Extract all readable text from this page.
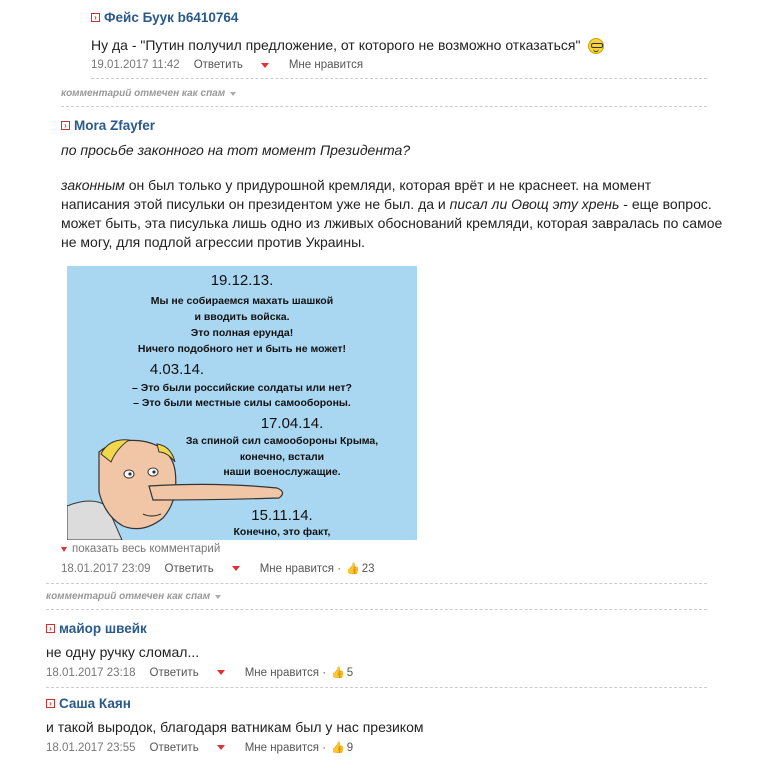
› Фейс Буук b6410764
Ну да - "Путин получил предложение, от которого не возможно отказаться"
19.01.2017 11:42 Ответить	Мне нравится
комментарий отмечен как спам
› Mora Zfayfer
по просьбе законного на тот момент Президента?
законным он был только у придурошной кремляди, которая врёт и не краснеет. на момент
написания этой писульки он президентом уже не был. да и писал ли Овощ эту хрень - еще вопрос.
может быть, эта писулька лишь одно из лживых обоснований кремляди, которая завралась по самое
не могу, для подлой агрессии против Украины.
19.12.13.
Мы не собираемся махать шашкой
и вводить войска.
Это полная ерунда!
Ничего подобного нет и быть не может!
4.03.14.
– Это были российские солдаты или нет?
– Это были местные силы самообороны.
17.04.14.
За спиной сил самообороны Крыма,
конечно, встали
наши военослужащие.
15.11.14.
Конечно, это факт,
показать весь комментарий
18.01.2017 23:09 Ответить	Мне нравится · 👍 23
комментарий отмечен как спам
› майор швейк
не одну ручку сломал...
18.01.2017 23:18 Ответить	Мне нравится · 👍 5
› Саша Каян
и такой выродок, благодаря ватникам был у нас презиком
18.01.2017 23:55 Ответить	Мне нравится · 👍 9
